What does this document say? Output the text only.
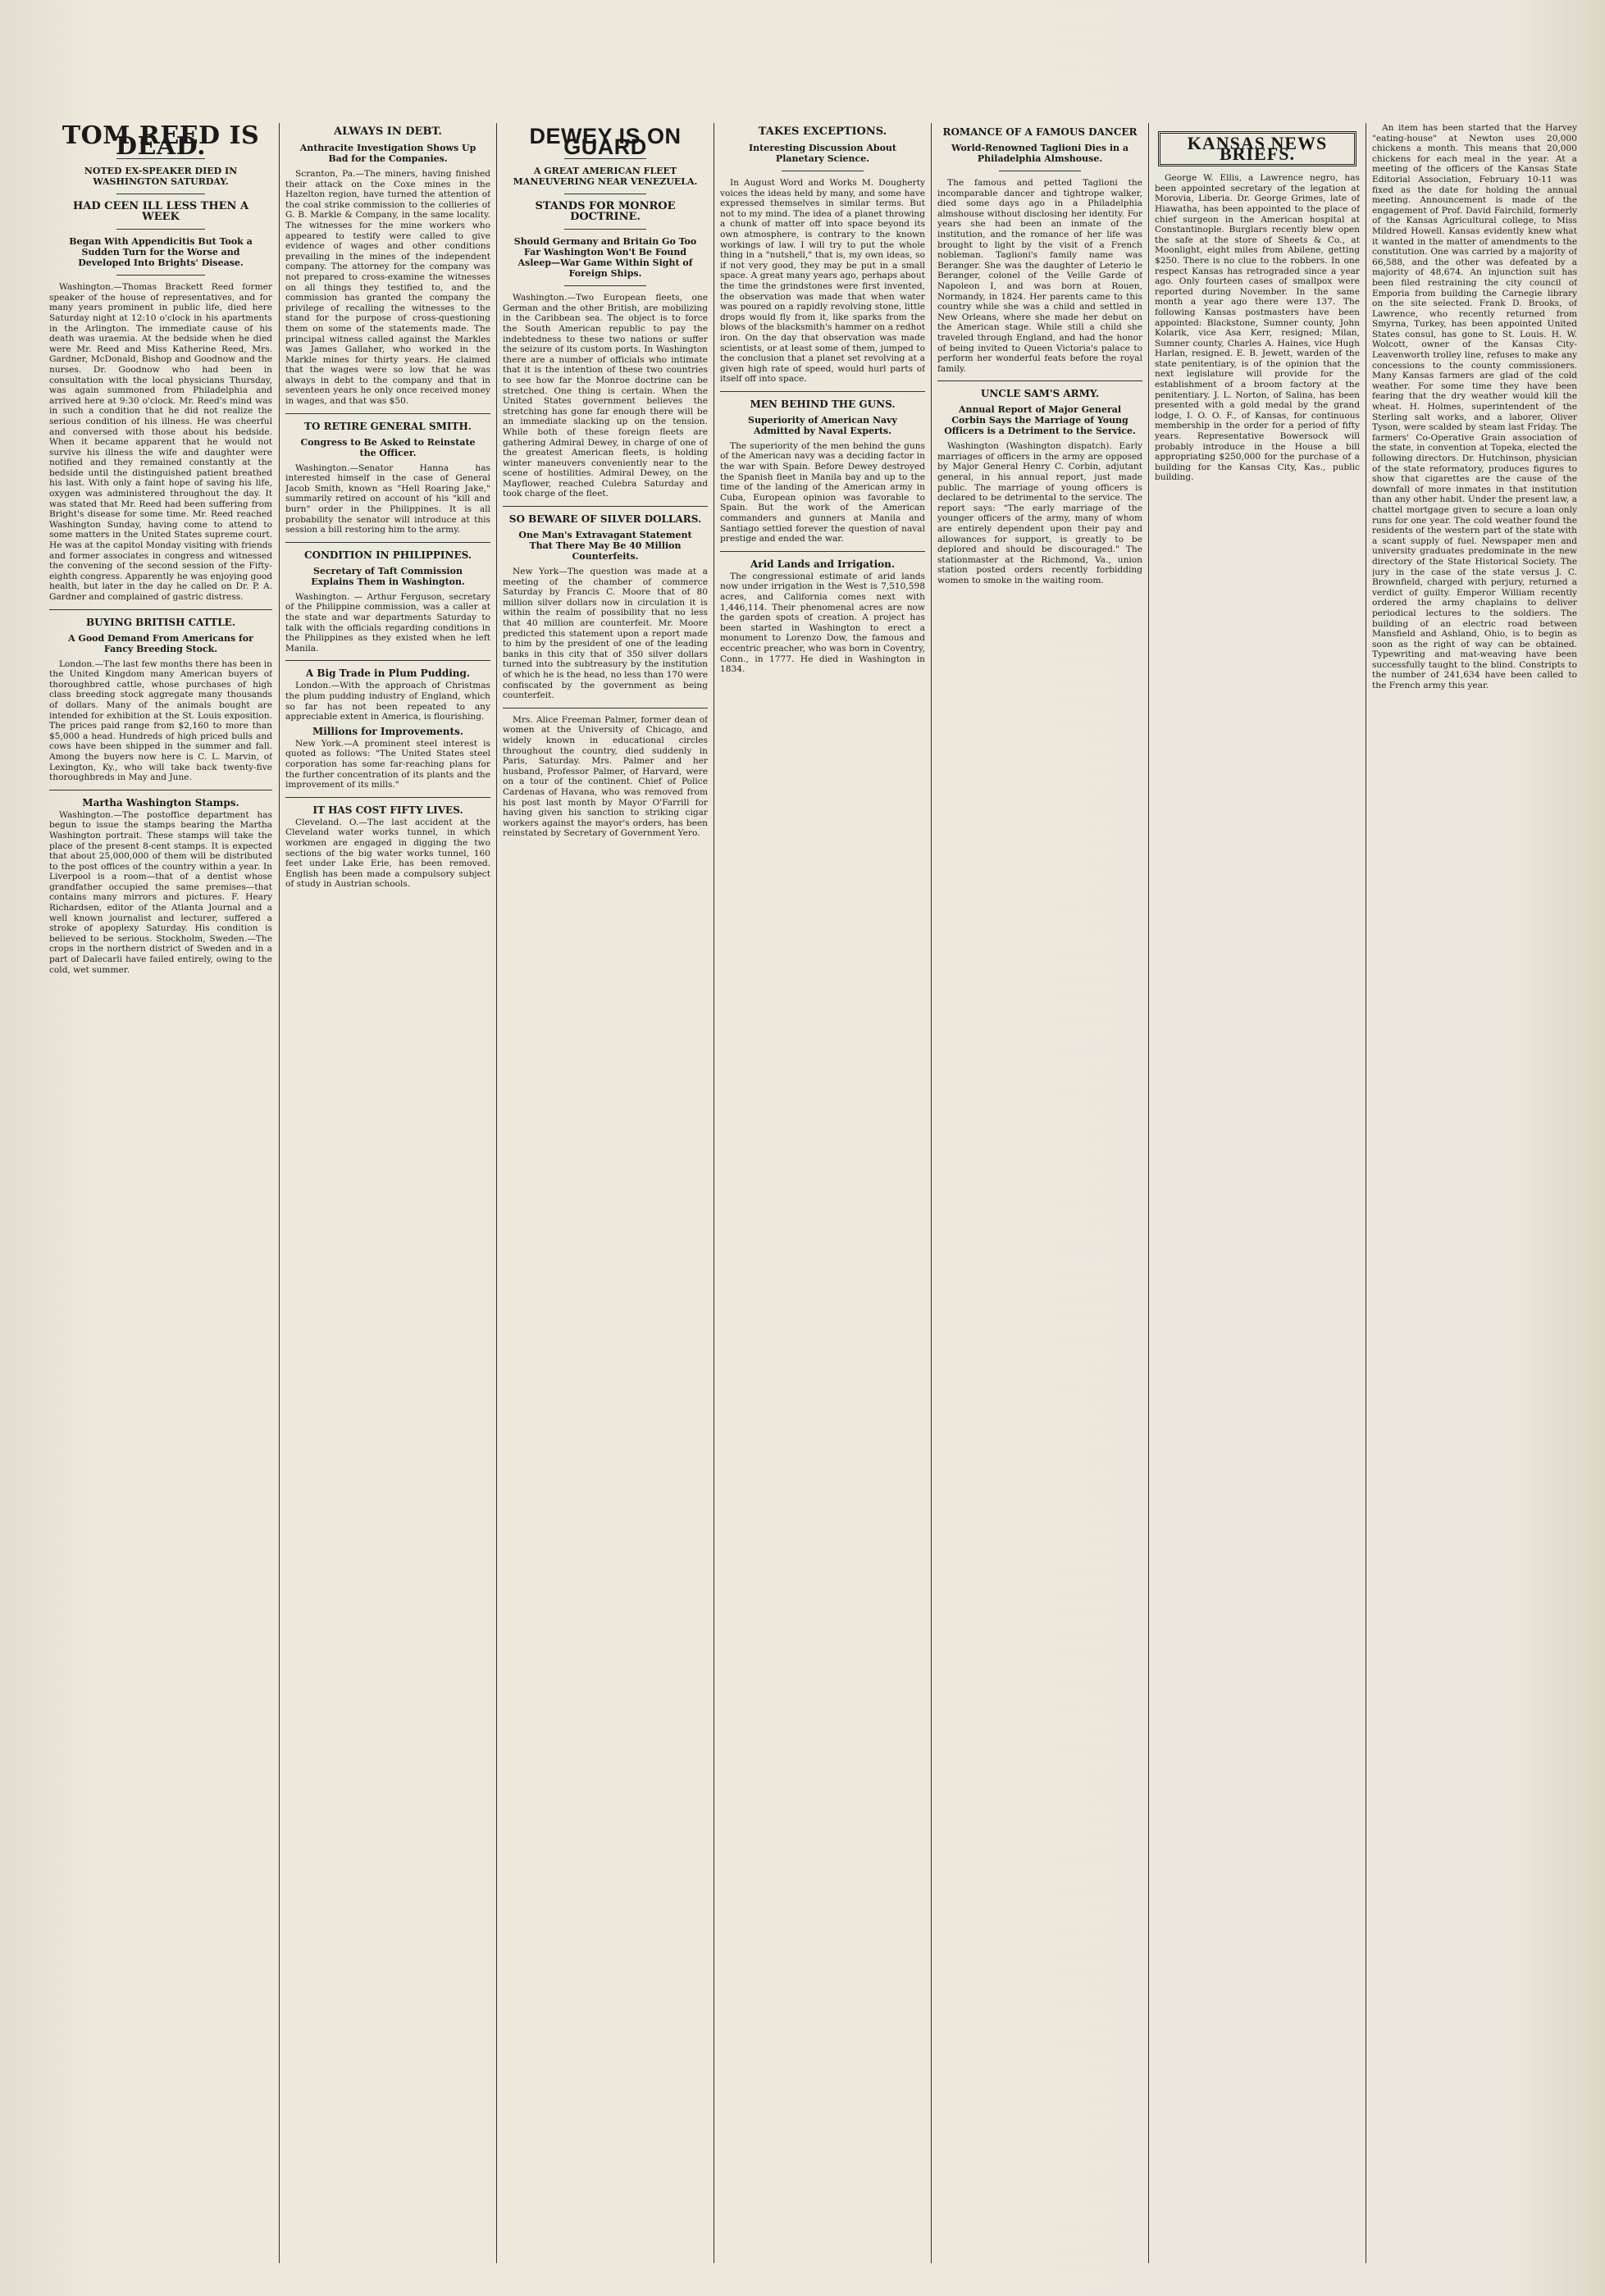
TOM REED IS DEAD.
NOTED EX-SPEAKER DIED IN WASHINGTON SATURDAY.
HAD CEEN ILL LESS THEN A WEEK
Began With Appendicitis But Took a Sudden Turn for the Worse and Developed Into Brights' Disease.

Washington.—Thomas Brackett Reed former speaker of the house of representatives, and for many years prominent in public life, died here Saturday night at 12:10 o'clock in his apartments in the Arlington. The immediate cause of his death was uraemia. At the bedside when he died were Mr. Reed and Miss Katherine Reed, Mrs. Gardner, McDonald, Bishop and Goodnow and the nurses. Dr. Goodnow who had been in consultation with the local physicians Thursday, was again summoned from Philadelphia and arrived here at 9:30 o'clock. Mr. Reed's mind was in such a condition that he did not realize the serious condition of his illness. He was cheerful and conversed with those about his bedside. When it became apparent that he would not survive his illness the wife and daughter were notified and they remained constantly at the bedside until the distinguished patient breathed his last. With only a faint hope of saving his life, oxygen was administered throughout the day. It was stated that Mr. Reed had been suffering from Bright's disease for some time. Mr. Reed reached Washington Sunday, having come to attend to some matters in the United States supreme court. He was at the capitol Monday visiting with friends and former associates in congress and witnessed the convening of the second session of the Fifty-eighth congress. Apparently he was enjoying good health, but later in the day he called on Dr. P. A. Gardner and complained of gastric distress.

BUYING BRITISH CATTLE.
A Good Demand From Americans for Fancy Breeding Stock.

London.—The last few months there has been in the United Kingdom many American buyers of thoroughbred cattle, whose purchases of high class breeding stock aggregate many thousands of dollars. Many of the animals bought are intended for exhibition at the St. Louis exposition. The prices paid range from $2,160 to more than $5,000 a head. Hundreds of high priced bulls and cows have been shipped in the summer and fall. Among the buyers now here is C. L. Marvin, of Lexington, Ky., who will take back twenty-five thoroughbreds in May and June.

Martha Washington Stamps.

Washington.—The postoffice department has begun to issue the stamps bearing the Martha Washington portrait. These stamps will take the place of the present 8-cent stamps. It is expected that about 25,000,000 of them will be distributed to the post offices of the country within a year. In Liverpool is a room—that of a dentist whose grandfather occupied the same premises—that contains many mirrors and pictures. F. Heary Richardsen, editor of the Atlanta Journal and a well known journalist and lecturer, suffered a stroke of apoplexy Saturday. His condition is believed to be serious. Stockholm, Sweden.—The crops in the northern district of Sweden and in a part of Dalecarli have failed entirely, owing to the cold, wet summer.

ALWAYS IN DEBT.
Anthracite Investigation Shows Up Bad for the Companies.

Scranton, Pa.—The miners, having finished their attack on the Coxe mines in the Hazelton region, have turned the attention of the coal strike commission to the collieries of G. B. Markle & Company, in the same locality. The witnesses for the mine workers who appeared to testify were called to give evidence of wages and other conditions prevailing in the mines of the independent company. The attorney for the company was not prepared to cross-examine the witnesses on all things they testified to, and the commission has granted the company the privilege of recalling the witnesses to the stand for the purpose of cross-questioning them on some of the statements made. The principal witness called against the Markles was James Gallaher, who worked in the Markle mines for thirty years. He claimed that the wages were so low that he was always in debt to the company and that in seventeen years he only once received money in wages, and that was $50.

TO RETIRE GENERAL SMITH.
Congress to Be Asked to Reinstate the Officer.

Washington.—Senator Hanna has interested himself in the case of General Jacob Smith, known as "Hell Roaring Jake," summarily retired on account of his "kill and burn" order in the Philippines. It is all probability the senator will introduce at this session a bill restoring him to the army.

CONDITION IN PHILIPPINES.
Secretary of Taft Commission Explains Them in Washington.

Washington. — Arthur Ferguson, secretary of the Philippine commission, was a caller at the state and war departments Saturday to talk with the officials regarding conditions in the Philippines as they existed when he left Manila.

A Big Trade in Plum Pudding.

London.—With the approach of Christmas the plum pudding industry of England, which so far has not been repeated to any appreciable extent in America, is flourishing.

Millions for Improvements.

New York.—A prominent steel interest is quoted as follows: "The United States steel corporation has some far-reaching plans for the further concentration of its plants and the improvement of its mills."

IT HAS COST FIFTY LIVES.

Cleveland. O.—The last accident at the Cleveland water works tunnel, in which workmen are engaged in digging the two sections of the big water works tunnel, 160 feet under Lake Erie, has been removed. English has been made a compulsory subject of study in Austrian schools.

DEWEY IS ON GUARD
A GREAT AMERICAN FLEET MANEUVERING NEAR VENEZUELA.
STANDS FOR MONROE DOCTRINE.
Should Germany and Britain Go Too Far Washington Won't Be Found Asleep—War Game Within Sight of Foreign Ships.

Washington.—Two European fleets, one German and the other British, are mobilizing in the Caribbean sea. The object is to force the South American republic to pay the indebtedness to these two nations or suffer the seizure of its custom ports. In Washington there are a number of officials who intimate that it is the intention of these two countries to see how far the Monroe doctrine can be stretched. One thing is certain. When the United States government believes the stretching has gone far enough there will be an immediate slacking up on the tension. While both of these foreign fleets are gathering Admiral Dewey, in charge of one of the greatest American fleets, is holding winter maneuvers conveniently near to the scene of hostilities. Admiral Dewey, on the Mayflower, reached Culebra Saturday and took charge of the fleet.

SO BEWARE OF SILVER DOLLARS.
One Man's Extravagant Statement That There May Be 40 Million Counterfeits.

New York—The question was made at a meeting of the chamber of commerce Saturday by Francis C. Moore that of 80 million silver dollars now in circulation it is within the realm of possibility that no less that 40 million are counterfeit. Mr. Moore predicted this statement upon a report made to him by the president of one of the leading banks in this city that of 350 silver dollars turned into the subtreasury by the institution of which he is the head, no less than 170 were confiscated by the government as being counterfeit.

Mrs. Alice Freeman Palmer, former dean of women at the University of Chicago, and widely known in educational circles throughout the country, died suddenly in Paris, Saturday. Mrs. Palmer and her husband, Professor Palmer, of Harvard, were on a tour of the continent. Chief of Police Cardenas of Havana, who was removed from his post last month by Mayor O'Farrill for having given his sanction to striking cigar workers against the mayor's orders, has been reinstated by Secretary of Government Yero.

TAKES EXCEPTIONS.
Interesting Discussion About Planetary Science.

In August Word and Works M. Dougherty voices the ideas held by many, and some have expressed themselves in similar terms. But not to my mind. The idea of a planet throwing a chunk of matter off into space beyond its own atmosphere, is contrary to the known workings of law. I will try to put the whole thing in a "nutshell," that is, my own ideas, so if not very good, they may be put in a small space. A great many years ago, perhaps about the time the grindstones were first invented, the observation was made that when water was poured on a rapidly revolving stone, little drops would fly from it, like sparks from the blows of the blacksmith's hammer on a redhot iron. On the day that observation was made scientists, or at least some of them, jumped to the conclusion that a planet set revolving at a given high rate of speed, would hurl parts of itself off into space.

MEN BEHIND THE GUNS.
Superiority of American Navy Admitted by Naval Experts.

The superiority of the men behind the guns of the American navy was a deciding factor in the war with Spain. Before Dewey destroyed the Spanish fleet in Manila bay and up to the time of the landing of the American army in Cuba, European opinion was favorable to Spain. But the work of the American commanders and gunners at Manila and Santiago settled forever the question of naval prestige and ended the war.

Arid Lands and Irrigation.

The congressional estimate of arid lands now under irrigation in the West is 7,510,598 acres, and California comes next with 1,446,114. Their phenomenal acres are now the garden spots of creation. A project has been started in Washington to erect a monument to Lorenzo Dow, the famous and eccentric preacher, who was born in Coventry, Conn., in 1777. He died in Washington in 1834.

ROMANCE OF A FAMOUS DANCER
World-Renowned Taglioni Dies in a Philadelphia Almshouse.

The famous and petted Taglioni the incomparable dancer and tightrope walker, died some days ago in a Philadelphia almshouse without disclosing her identity. For years she had been an inmate of the institution, and the romance of her life was brought to light by the visit of a French nobleman. Taglioni's family name was Beranger. She was the daughter of Leterio le Beranger, colonel of the Veille Garde of Napoleon I, and was born at Rouen, Normandy, in 1824. Her parents came to this country while she was a child and settled in New Orleans, where she made her debut on the American stage. While still a child she traveled through England, and had the honor of being invited to Queen Victoria's palace to perform her wonderful feats before the royal family.

UNCLE SAM'S ARMY.
Annual Report of Major General Corbin Says the Marriage of Young Officers is a Detriment to the Service.

Washington (Washington dispatch). Early marriages of officers in the army are opposed by Major General Henry C. Corbin, adjutant general, in his annual report, just made public. The marriage of young officers is declared to be detrimental to the service. The report says: "The early marriage of the younger officers of the army, many of whom are entirely dependent upon their pay and allowances for support, is greatly to be deplored and should be discouraged." The stationmaster at the Richmond, Va., union station posted orders recently forbidding women to smoke in the waiting room.

KANSAS NEWS BRIEFS.

George W. Ellis, a Lawrence negro, has been appointed secretary of the legation at Morovia, Liberia. Dr. George Grimes, late of Hiawatha, has been appointed to the place of chief surgeon in the American hospital at Constantinople. Burglars recently blew open the safe at the store of Sheets & Co., at Moonlight, eight miles from Abilene, getting $250. There is no clue to the robbers. In one respect Kansas has retrograded since a year ago. Only fourteen cases of smallpox were reported during November. In the same month a year ago there were 137. The following Kansas postmasters have been appointed: Blackstone, Sumner county, John Kolarik, vice Asa Kerr, resigned; Milan, Sumner county, Charles A. Haines, vice Hugh Harlan, resigned. E. B. Jewett, warden of the state penitentiary, is of the opinion that the next legislature will provide for the establishment of a broom factory at the penitentiary. J. L. Norton, of Salina, has been presented with a gold medal by the grand lodge, I. O. O. F., of Kansas, for continuous membership in the order for a period of fifty years. Representative Bowersock will probably introduce in the House a bill appropriating $250,000 for the purchase of a building for the Kansas City, Kas., public building.

An item has been started that the Harvey "eating-house" at Newton uses 20,000 chickens a month. This means that 20,000 chickens for each meal in the year. At a meeting of the officers of the Kansas State Editorial Association, February 10-11 was fixed as the date for holding the annual meeting. Announcement is made of the engagement of Prof. David Fairchild, formerly of the Kansas Agricultural college, to Miss Mildred Howell. Kansas evidently knew what it wanted in the matter of amendments to the constitution. One was carried by a majority of 66,588, and the other was defeated by a majority of 48,674. An injunction suit has been filed restraining the city council of Emporia from building the Carnegie library on the site selected. Frank D. Brooks, of Lawrence, who recently returned from Smyrna, Turkey, has been appointed United States consul, has gone to St. Louis. H. W. Wolcott, owner of the Kansas City-Leavenworth trolley line, refuses to make any concessions to the county commissioners. Many Kansas farmers are glad of the cold weather. For some time they have been fearing that the dry weather would kill the wheat. H. Holmes, superintendent of the Sterling salt works, and a laborer, Oliver Tyson, were scalded by steam last Friday. The farmers' Co-Operative Grain association of the state, in convention at Topeka, elected the following directors. Dr. Hutchinson, physician of the state reformatory, produces figures to show that cigarettes are the cause of the downfall of more inmates in that institution than any other habit. Under the present law, a chattel mortgage given to secure a loan only runs for one year. The cold weather found the residents of the western part of the state with a scant supply of fuel. Newspaper men and university graduates predominate in the new directory of the State Historical Society. The jury in the case of the state versus J. C. Brownfield, charged with perjury, returned a verdict of guilty. Emperor William recently ordered the army chaplains to deliver periodical lectures to the soldiers. The building of an electric road between Mansfield and Ashland, Ohio, is to begin as soon as the right of way can be obtained. Typewriting and mat-weaving have been successfully taught to the blind. Constripts to the number of 241,634 have been called to the French army this year.
